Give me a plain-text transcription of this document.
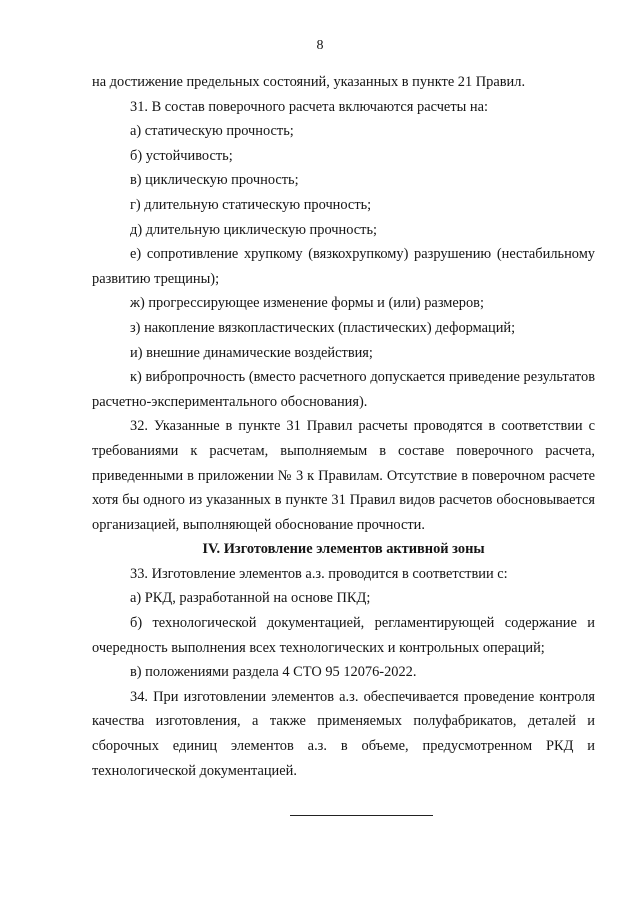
8

на достижение предельных состояний, указанных в пункте 21 Правил.

31. В состав поверочного расчета включаются расчеты на:

а) статическую прочность;

б) устойчивость;

в) циклическую прочность;

г) длительную статическую прочность;

д) длительную циклическую прочность;

е) сопротивление хрупкому (вязкохрупкому) разрушению (нестабильному развитию трещины);

ж) прогрессирующее изменение формы и (или) размеров;

з) накопление вязкопластических (пластических) деформаций;

и) внешние динамические воздействия;

к) вибропрочность (вместо расчетного допускается приведение результатов расчетно-экспериментального обоснования).

32. Указанные в пункте 31 Правил расчеты проводятся в соответствии с требованиями к расчетам, выполняемым в составе поверочного расчета, приведенными в приложении № 3 к Правилам. Отсутствие в поверочном расчете хотя бы одного из указанных в пункте 31 Правил видов расчетов обосновывается организацией, выполняющей обоснование прочности.

IV. Изготовление элементов активной зоны

33. Изготовление элементов а.з. проводится в соответствии с:

а) РКД, разработанной на основе ПКД;

б) технологической документацией, регламентирующей содержание и очередность выполнения всех технологических и контрольных операций;

в) положениями раздела 4 СТО 95 12076-2022.

34. При изготовлении элементов а.з. обеспечивается проведение контроля качества изготовления, а также применяемых полуфабрикатов, деталей и сборочных единиц элементов а.з. в объеме, предусмотренном РКД и технологической документацией.
